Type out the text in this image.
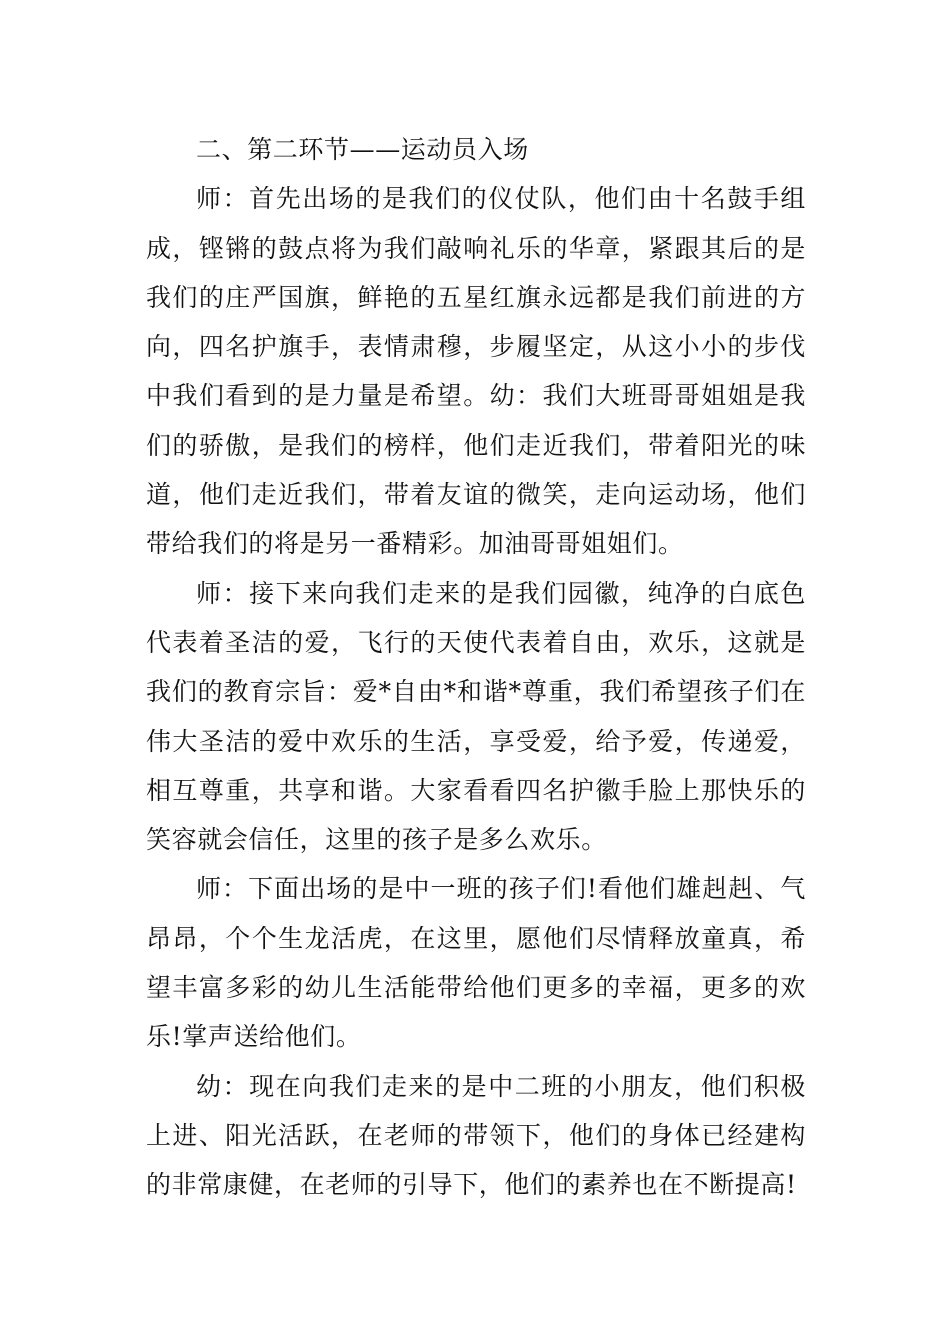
二、第二环节——运动员入场

师：首先出场的是我们的仪仗队，他们由十名鼓手组成，铿锵的鼓点将为我们敲响礼乐的华章，紧跟其后的是我们的庄严国旗，鲜艳的五星红旗永远都是我们前进的方向，四名护旗手，表情肃穆，步履坚定，从这小小的步伐中我们看到的是力量是希望。幼：我们大班哥哥姐姐是我们的骄傲，是我们的榜样，他们走近我们，带着阳光的味道，他们走近我们，带着友谊的微笑，走向运动场，他们带给我们的将是另一番精彩。加油哥哥姐姐们。

师：接下来向我们走来的是我们园徽，纯净的白底色代表着圣洁的爱，飞行的天使代表着自由，欢乐，这就是我们的教育宗旨：爱*自由*和谐*尊重，我们希望孩子们在伟大圣洁的爱中欢乐的生活，享受爱，给予爱，传递爱，相互尊重，共享和谐。大家看看四名护徽手脸上那快乐的笑容就会信任，这里的孩子是多么欢乐。

师：下面出场的是中一班的孩子们!看他们雄赳赳、气昂昂，个个生龙活虎，在这里，愿他们尽情释放童真，希望丰富多彩的幼儿生活能带给他们更多的幸福，更多的欢乐!掌声送给他们。

幼：现在向我们走来的是中二班的小朋友，他们积极上进、阳光活跃，在老师的带领下，他们的身体已经建构的非常康健，在老师的引导下，他们的素养也在不断提高!
